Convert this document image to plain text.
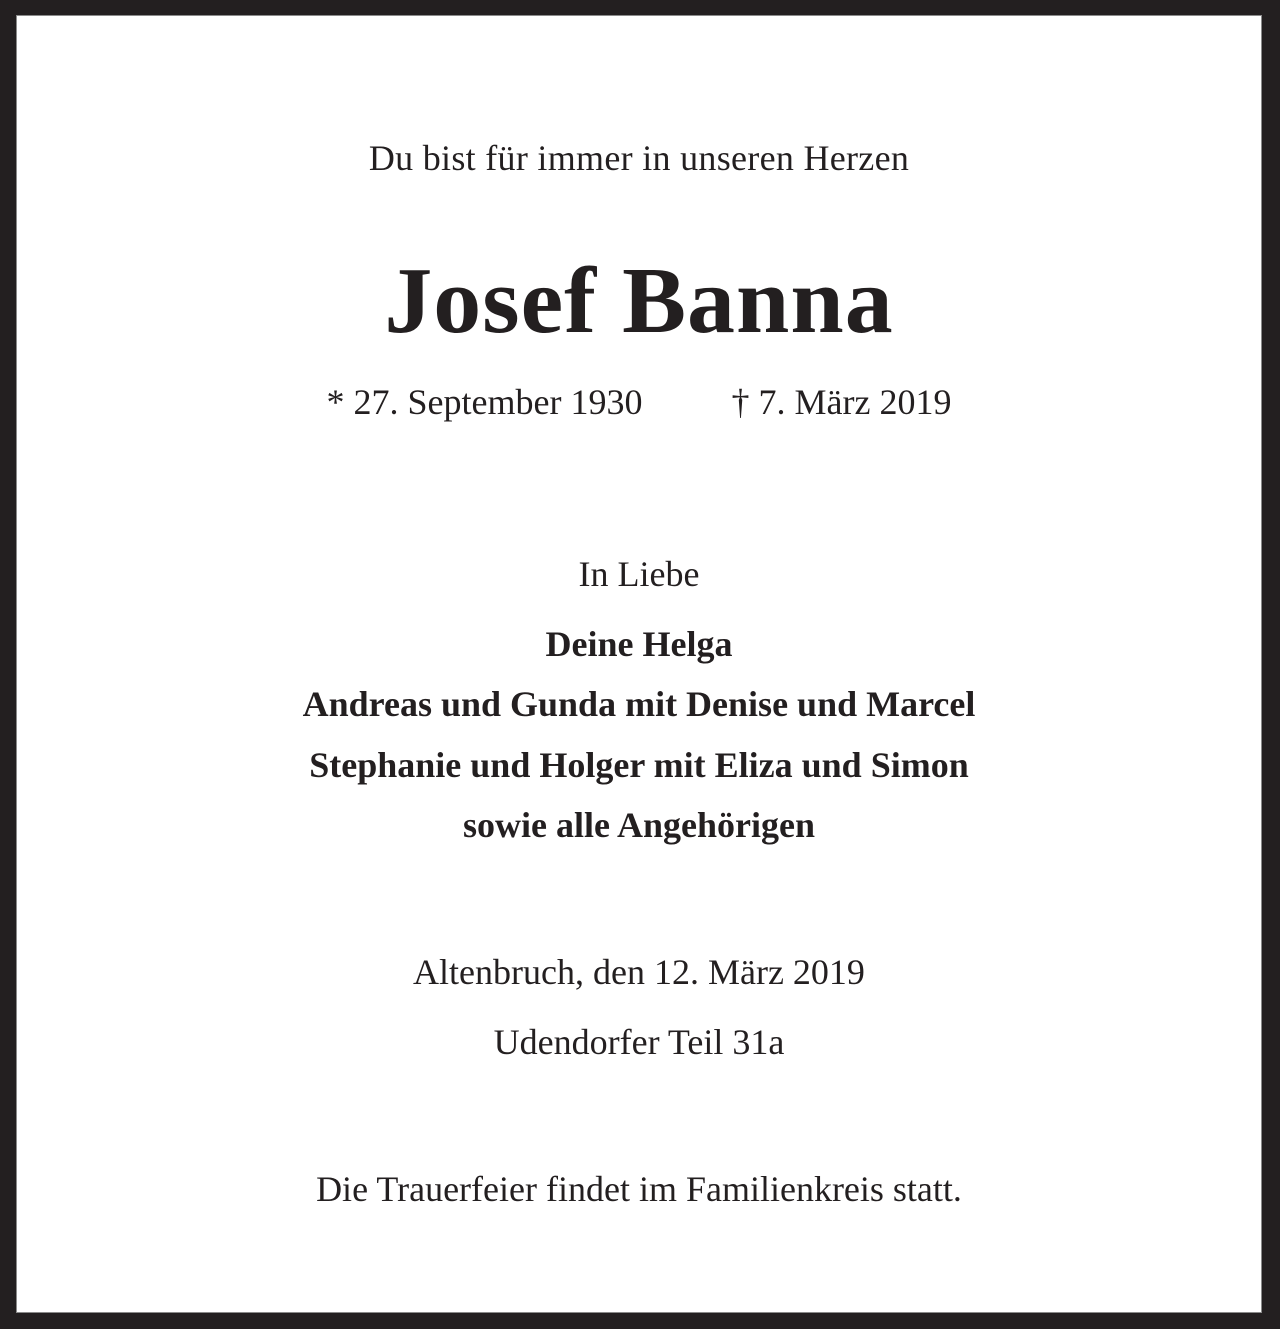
Du bist für immer in unseren Herzen
Josef Banna
* 27. September 1930 † 7. März 2019
In Liebe
Deine Helga
Andreas und Gunda mit Denise und Marcel
Stephanie und Holger mit Eliza und Simon
sowie alle Angehörigen
Altenbruch, den 12. März 2019
Udendorfer Teil 31a
Die Trauerfeier findet im Familienkreis statt.
